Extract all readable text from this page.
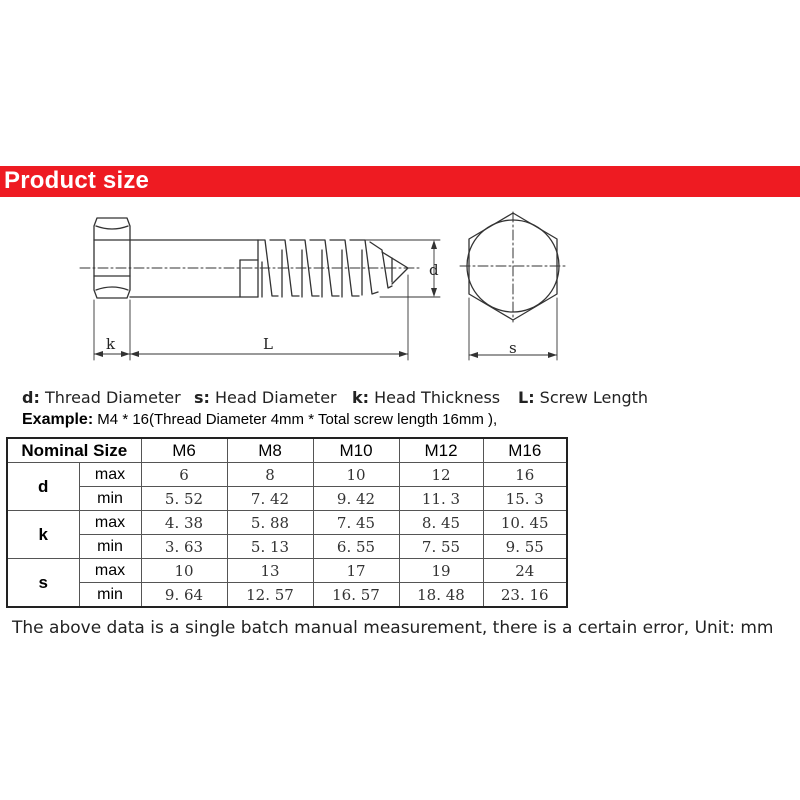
Product size
d
k	L	s
d: Thread Diameter s: Head Diameter k: Head Thickness L: Screw Length
Example: M4 * 16(Thread Diameter 4mm * Total screw length 16mm ),
Nominal Size		M6	M8	M10	M12	M16
d	max	6	8	10	12	16
	min	5. 52	7. 42	9. 42	11. 3	15. 3
k	max	4. 38	5. 88	7. 45	8. 45	10. 45
	min	3. 63	5. 13	6. 55	7. 55	9. 55
s	max	10	13	17	19	24
	min	9. 64	12. 57	16. 57	18. 48	23. 16
The above data is a single batch manual measurement, there is a certain error, Unit: mm
